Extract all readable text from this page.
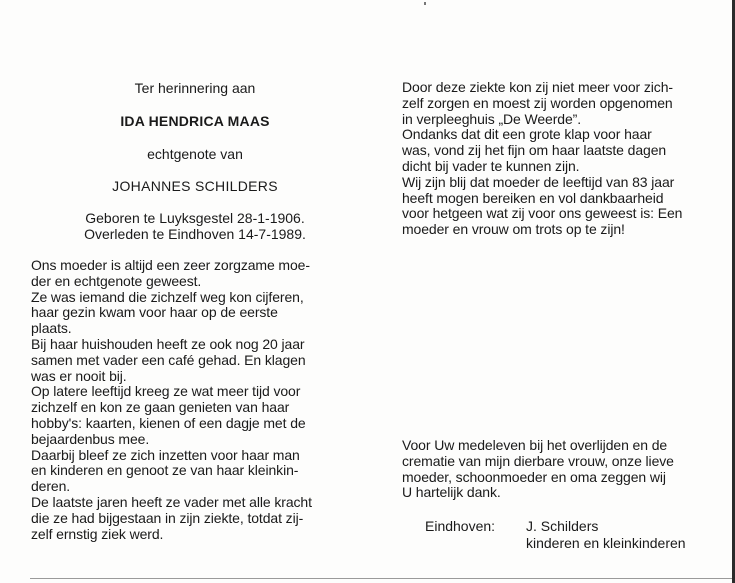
Ter herinnering aan
IDA HENDRICA MAAS
echtgenote van
JOHANNES SCHILDERS
Geboren te Luyksgestel 28-1-1906.
Overleden te Eindhoven 14-7-1989.
Ons moeder is altijd een zeer zorgzame moe-
der en echtgenote geweest.
Ze was iemand die zichzelf weg kon cijferen,
haar gezin kwam voor haar op de eerste
plaats.
Bij haar huishouden heeft ze ook nog 20 jaar
samen met vader een café gehad. En klagen
was er nooit bij.
Op latere leeftijd kreeg ze wat meer tijd voor
zichzelf en kon ze gaan genieten van haar
hobby's: kaarten, kienen of een dagje met de
bejaardenbus mee.
Daarbij bleef ze zich inzetten voor haar man
en kinderen en genoot ze van haar kleinkin-
deren.
De laatste jaren heeft ze vader met alle kracht
die ze had bijgestaan in zijn ziekte, totdat zij-
zelf ernstig ziek werd.
Door deze ziekte kon zij niet meer voor zich-
zelf zorgen en moest zij worden opgenomen
in verpleeghuis „De Weerde”.
Ondanks dat dit een grote klap voor haar
was, vond zij het fijn om haar laatste dagen
dicht bij vader te kunnen zijn.
Wij zijn blij dat moeder de leeftijd van 83 jaar
heeft mogen bereiken en vol dankbaarheid
voor hetgeen wat zij voor ons geweest is: Een
moeder en vrouw om trots op te zijn!
Voor Uw medeleven bij het overlijden en de
crematie van mijn dierbare vrouw, onze lieve
moeder, schoonmoeder en oma zeggen wij
U hartelijk dank.
Eindhoven: J. Schilders
kinderen en kleinkinderen
